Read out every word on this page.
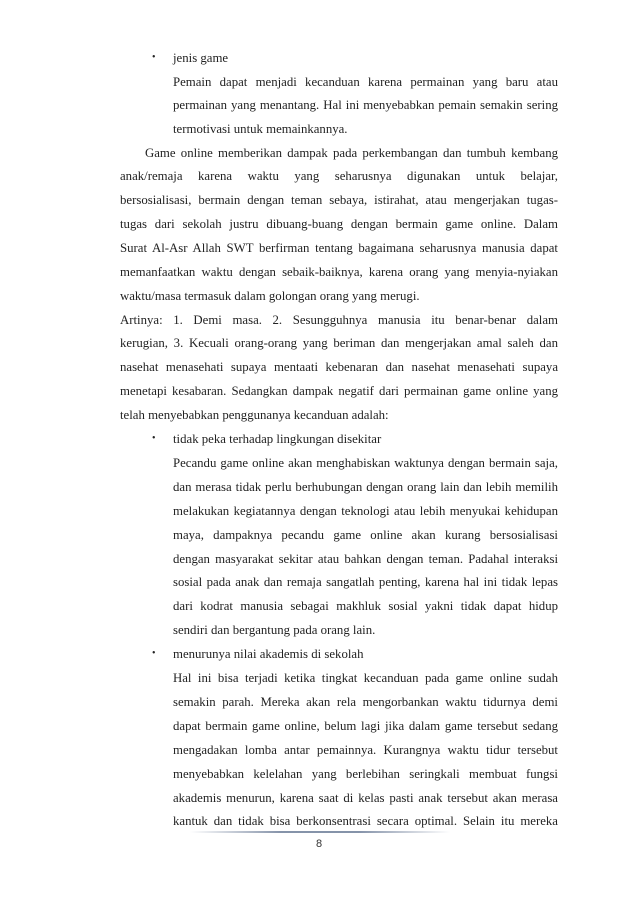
• jenis game
Pemain dapat menjadi kecanduan karena permainan yang baru atau
permainan yang menantang. Hal ini menyebabkan pemain semakin sering
termotivasi untuk memainkannya.
Game online memberikan dampak pada perkembangan dan tumbuh kembang
anak/remaja karena waktu yang seharusnya digunakan untuk belajar,
bersosialisasi, bermain dengan teman sebaya, istirahat, atau mengerjakan tugas-
tugas dari sekolah justru dibuang-buang dengan bermain game online. Dalam
Surat Al-Asr Allah SWT berfirman tentang bagaimana seharusnya manusia dapat
memanfaatkan waktu dengan sebaik-baiknya, karena orang yang menyia-nyiakan
waktu/masa termasuk dalam golongan orang yang merugi.
Artinya: 1. Demi masa. 2. Sesungguhnya manusia itu benar-benar dalam
kerugian, 3. Kecuali orang-orang yang beriman dan mengerjakan amal saleh dan
nasehat menasehati supaya mentaati kebenaran dan nasehat menasehati supaya
menetapi kesabaran. Sedangkan dampak negatif dari permainan game online yang
telah menyebabkan penggunanya kecanduan adalah:
• tidak peka terhadap lingkungan disekitar
Pecandu game online akan menghabiskan waktunya dengan bermain saja,
dan merasa tidak perlu berhubungan dengan orang lain dan lebih memilih
melakukan kegiatannya dengan teknologi atau lebih menyukai kehidupan
maya, dampaknya pecandu game online akan kurang bersosialisasi
dengan masyarakat sekitar atau bahkan dengan teman. Padahal interaksi
sosial pada anak dan remaja sangatlah penting, karena hal ini tidak lepas
dari kodrat manusia sebagai makhluk sosial yakni tidak dapat hidup
sendiri dan bergantung pada orang lain.
• menurunya nilai akademis di sekolah
Hal ini bisa terjadi ketika tingkat kecanduan pada game online sudah
semakin parah. Mereka akan rela mengorbankan waktu tidurnya demi
dapat bermain game online, belum lagi jika dalam game tersebut sedang
mengadakan lomba antar pemainnya. Kurangnya waktu tidur tersebut
menyebabkan kelelahan yang berlebihan seringkali membuat fungsi
akademis menurun, karena saat di kelas pasti anak tersebut akan merasa
kantuk dan tidak bisa berkonsentrasi secara optimal. Selain itu mereka
8
